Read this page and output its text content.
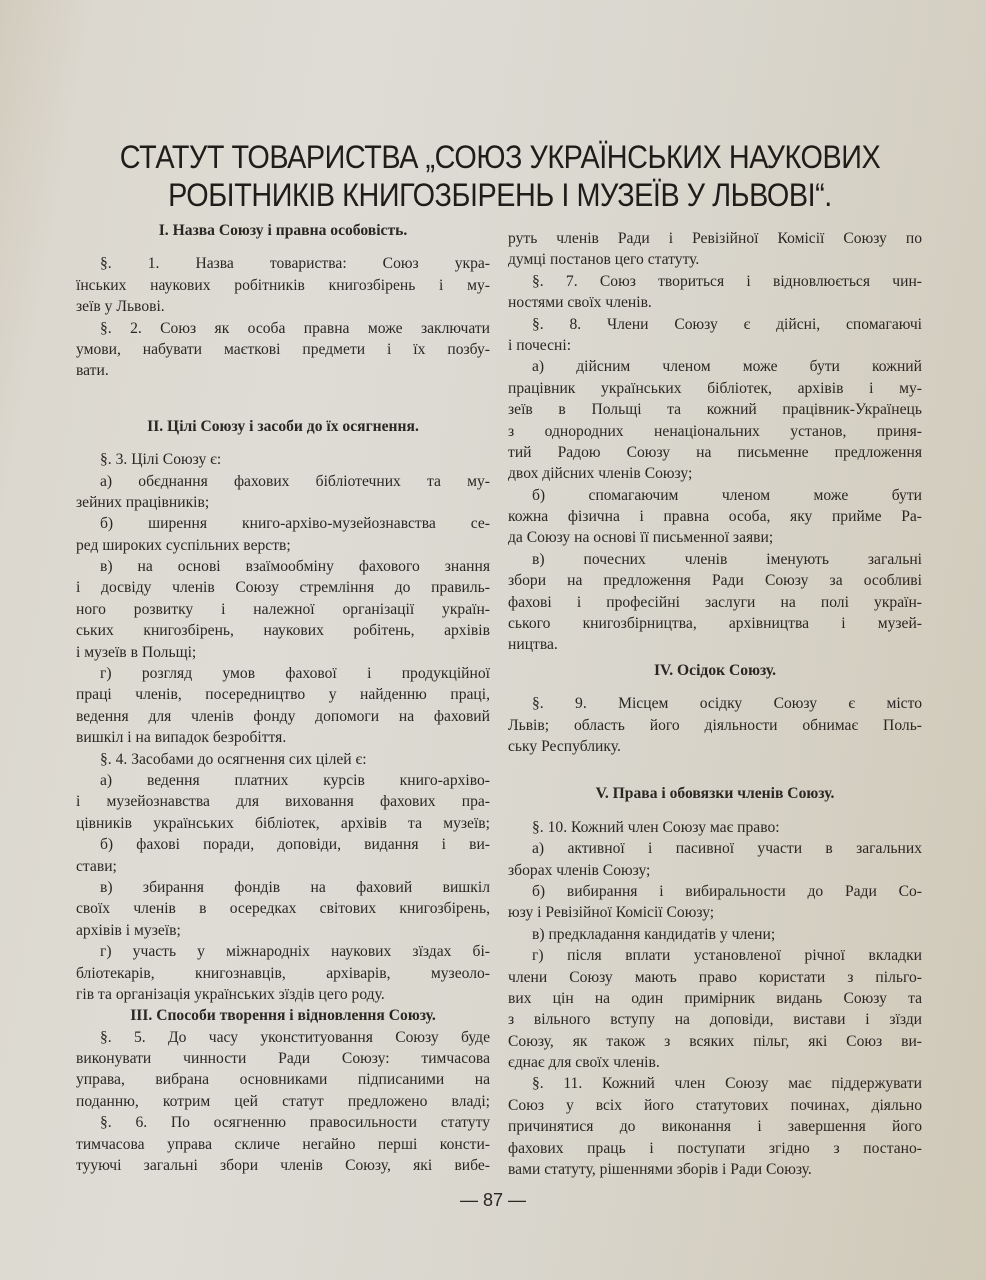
СТАТУТ ТОВАРИСТВА „СОЮЗ УКРАЇНСЬКИХ НАУКОВИХ
РОБІТНИКІВ КНИГОЗБІРЕНЬ І МУЗЕЇВ У ЛЬВОВІ“.
I. Назва Союзу і правна особовість.
§. 1. Назва товариства: Союз укра-
їнських наукових робітників книгозбірень і му-
зеїв у Львові.
§. 2. Союз як особа правна може заключати
умови, набувати маєткові предмети і їх позбу-
вати.
II. Цілі Союзу і засоби до їх осягнення.
§. 3. Цілі Союзу є:
а) обєднання фахових бібліотечних та му-
зейних працівників;
б) ширення книго-архіво-музейознавства се-
ред широких суспільних верств;
в) на основі взаїмообміну фахового знання
і досвіду членів Союзу стремління до правиль-
ного розвитку і належної організації україн-
ських книгозбірень, наукових робітень, архівів
і музеїв в Польщі;
г) розгляд умов фахової і продукційної
праці членів, посередництво у найденню праці,
ведення для членів фонду допомоги на фаховий
вишкіл і на випадок безробіття.
§. 4. Засобами до осягнення сих цілей є:
а) ведення платних курсів книго-архіво-
і музейознавства для виховання фахових пра-
цівників українських бібліотек, архівів та музеїв;
б) фахові поради, доповіди, видання і ви-
стави;
в) збирання фондів на фаховий вишкіл
своїх членів в осередках світових книгозбірень,
архівів і музеїв;
г) участь у міжнародніх наукових зїздах бі-
бліотекарів, книгознавців, архіварів, музеоло-
гів та організація українських зїздів цего роду.
III. Способи творення і відновлення Союзу.
§. 5. До часу уконституовання Союзу буде
виконувати чинности Ради Союзу: тимчасова
управа, вибрана основниками підписаними на
поданню, котрим цей статут предложено владі;
§. 6. По осягненню правосильности статуту
тимчасова управа скличе негайно перші консти-
тууючі загальні збори членів Союзу, які вибе-
руть членів Ради і Ревізійної Комісії Союзу по
думці постанов цего статуту.
§. 7. Союз твориться і відновлюється чин-
ностями своїх членів.
§. 8. Члени Союзу є дійсні, спомагаючі
і почесні:
а) дійсним членом може бути кожний
працівник українських бібліотек, архівів і му-
зеїв в Польщі та кожний працівник-Українець
з однородних ненаціональних установ, приня-
тий Радою Союзу на письменне предложення
двох дійсних членів Союзу;
б) спомагаючим членом може бути
кожна фізична і правна особа, яку прийме Ра-
да Союзу на основі її письменної заяви;
в) почесних членів іменують загальні
збори на предложення Ради Союзу за особливі
фахові і професійні заслуги на полі україн-
ського книгозбірництва, архівництва і музей-
ництва.
IV. Осідок Союзу.
§. 9. Місцем осідку Союзу є місто
Львів; область його діяльности обнимає Поль-
ську Республику.
V. Права і обовязки членів Союзу.
§. 10. Кожний член Союзу має право:
а) активної і пасивної участи в загальних
зборах членів Союзу;
б) вибирання і вибиральности до Ради Со-
юзу і Ревізійної Комісії Союзу;
в) предкладання кандидатів у члени;
г) після вплати установленої річної вкладки
члени Союзу мають право користати з пільго-
вих цін на один примірник видань Союзу та
з вільного вступу на доповіди, вистави і зїзди
Союзу, як також з всяких пільг, які Союз ви-
єднає для своїх членів.
§. 11. Кожний член Союзу має піддержувати
Союз у всіх його статутових починах, діяльно
причинятися до виконання і завершення його
фахових праць і поступати згідно з постано-
вами статуту, рішеннями зборів і Ради Союзу.
— 87 —
